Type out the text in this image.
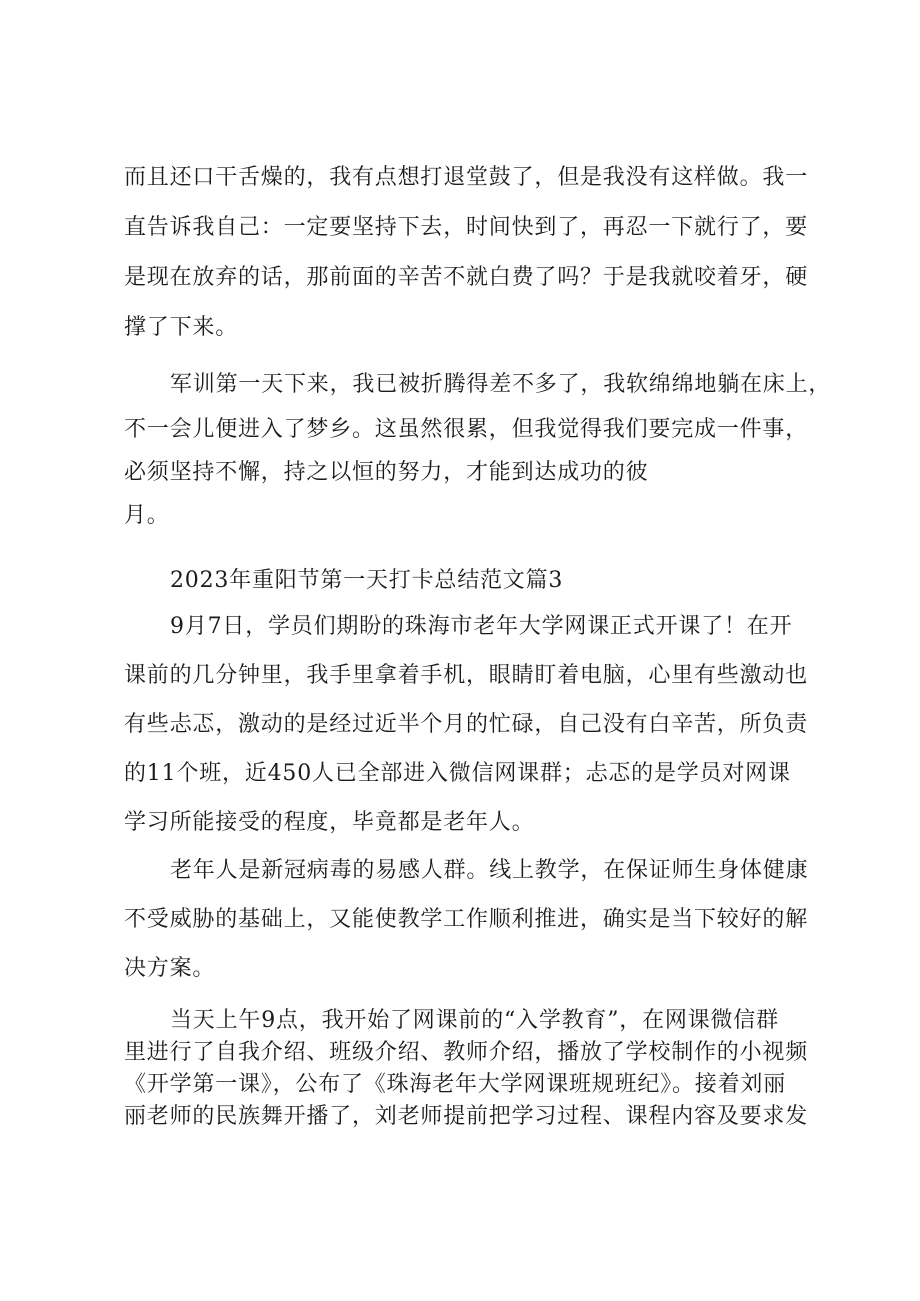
而且还口干舌燥的，我有点想打退堂鼓了，但是我没有这样做。我一
直告诉我自己：一定要坚持下去，时间快到了，再忍一下就行了，要
是现在放弃的话，那前面的辛苦不就白费了吗？于是我就咬着牙，硬
撑了下来。
军训第一天下来，我已被折腾得差不多了，我软绵绵地躺在床上，
不一会儿便进入了梦乡。这虽然很累，但我觉得我们要完成一件事，
必须坚持不懈，持之以恒的努力，才能到达成功的彼
月。
2023年重阳节第一天打卡总结范文篇3
9月7日，学员们期盼的珠海市老年大学网课正式开课了！在开
课前的几分钟里，我手里拿着手机，眼睛盯着电脑，心里有些激动也
有些忐忑，激动的是经过近半个月的忙碌，自己没有白辛苦，所负责
的11个班，近450人已全部进入微信网课群；忐忑的是学员对网课
学习所能接受的程度，毕竟都是老年人。
老年人是新冠病毒的易感人群。线上教学，在保证师生身体健康
不受威胁的基础上，又能使教学工作顺利推进，确实是当下较好的解
决方案。
当天上午9点，我开始了网课前的“入学教育”，在网课微信群
里进行了自我介绍、班级介绍、教师介绍，播放了学校制作的小视频
《开学第一课》，公布了《珠海老年大学网课班规班纪》。接着刘丽
丽老师的民族舞开播了，刘老师提前把学习过程、课程内容及要求发
